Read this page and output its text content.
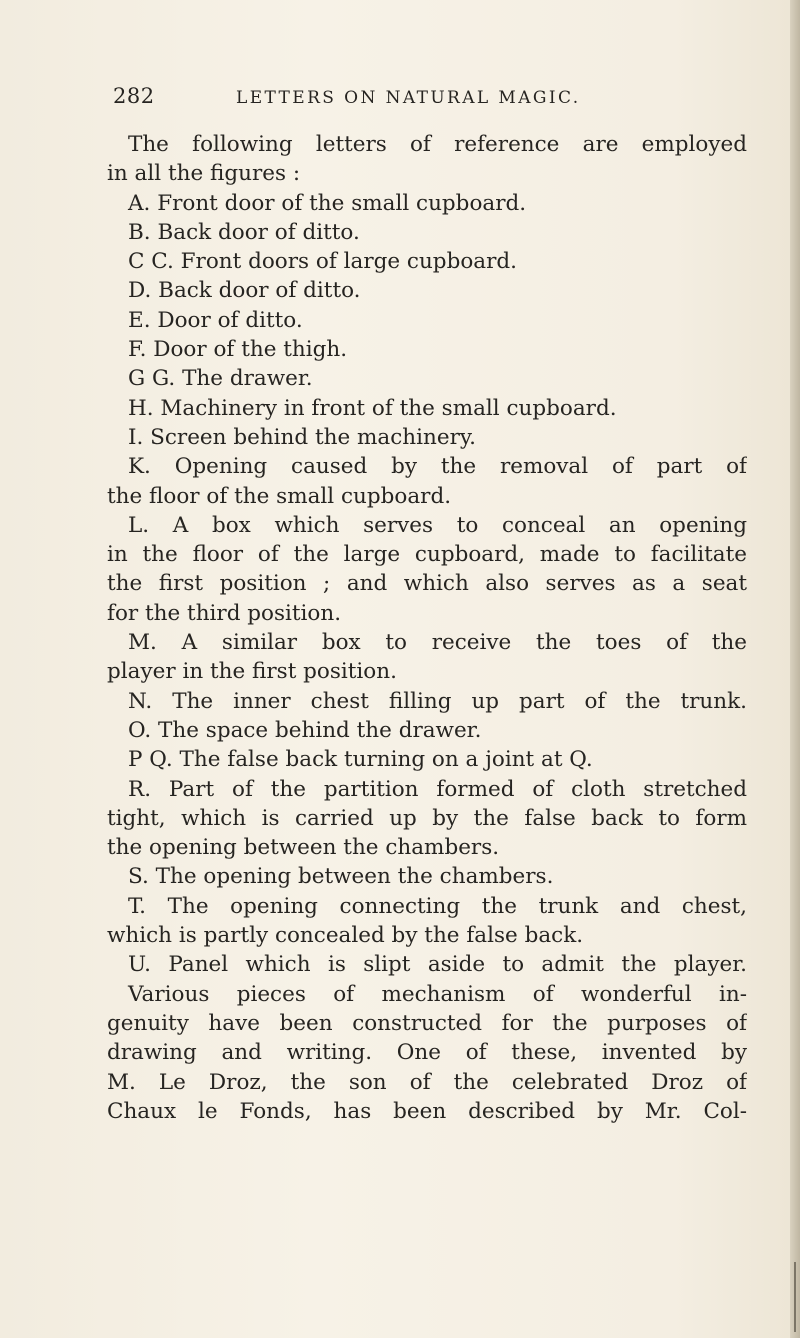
282	LETTERS ON NATURAL MAGIC.
The following letters of reference are employed
in all the figures :
A. Front door of the small cupboard.
B. Back door of ditto.
C C. Front doors of large cupboard.
D. Back door of ditto.
E. Door of ditto.
F. Door of the thigh.
G G. The drawer.
H. Machinery in front of the small cupboard.
I. Screen behind the machinery.
K. Opening caused by the removal of part of
the floor of the small cupboard.
L. A box which serves to conceal an opening
in the floor of the large cupboard, made to facilitate
the first position ; and which also serves as a seat
for the third position.
M. A similar box to receive the toes of the
player in the first position.
N. The inner chest filling up part of the trunk.
O. The space behind the drawer.
P Q. The false back turning on a joint at Q.
R. Part of the partition formed of cloth stretched
tight, which is carried up by the false back to form
the opening between the chambers.
S. The opening between the chambers.
T. The opening connecting the trunk and chest,
which is partly concealed by the false back.
U. Panel which is slipt aside to admit the player.
Various pieces of mechanism of wonderful in-
genuity have been constructed for the purposes of
drawing and writing. One of these, invented by
M. Le Droz, the son of the celebrated Droz of
Chaux le Fonds, has been described by Mr. Col-
